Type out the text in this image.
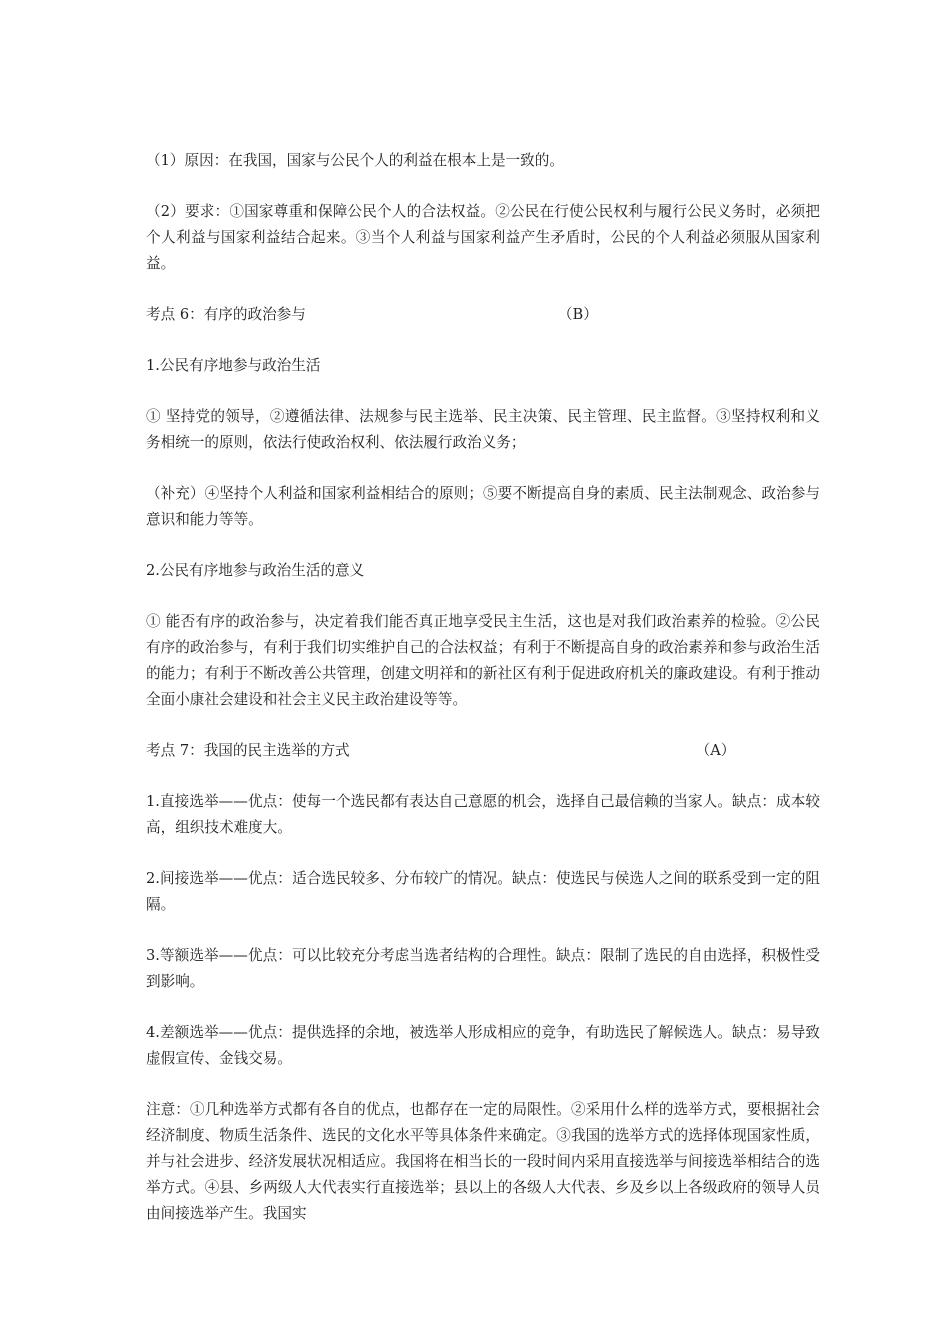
（1）原因：在我国，国家与公民个人的利益在根本上是一致的。

（2）要求：①国家尊重和保障公民个人的合法权益。②公民在行使公民权利与履行公民义务时，必须把个人利益与国家利益结合起来。③当个人利益与国家利益产生矛盾时，公民的个人利益必须服从国家利益。

考点 6：有序的政治参与	（B）

1.公民有序地参与政治生活

① 坚持党的领导，②遵循法律、法规参与民主选举、民主决策、民主管理、民主监督。③坚持权利和义务相统一的原则，依法行使政治权利、依法履行政治义务；

（补充）④坚持个人利益和国家利益相结合的原则；⑤要不断提高自身的素质、民主法制观念、政治参与意识和能力等等。

2.公民有序地参与政治生活的意义

① 能否有序的政治参与，决定着我们能否真正地享受民主生活，这也是对我们政治素养的检验。②公民有序的政治参与，有利于我们切实维护自己的合法权益；有利于不断提高自身的政治素养和参与政治生活的能力；有利于不断改善公共管理，创建文明祥和的新社区有利于促进政府机关的廉政建设。有利于推动全面小康社会建设和社会主义民主政治建设等等。

考点 7：我国的民主选举的方式	（A）

1.直接选举——优点：使每一个选民都有表达自己意愿的机会，选择自己最信赖的当家人。缺点：成本较高，组织技术难度大。

2.间接选举——优点：适合选民较多、分布较广的情况。缺点：使选民与侯选人之间的联系受到一定的阻隔。

3.等额选举——优点：可以比较充分考虑当选者结构的合理性。缺点：限制了选民的自由选择，积极性受到影响。

4.差额选举——优点：提供选择的余地，被选举人形成相应的竞争，有助选民了解候选人。缺点：易导致虚假宣传、金钱交易。

注意：①几种选举方式都有各自的优点，也都存在一定的局限性。②采用什么样的选举方式，要根据社会经济制度、物质生活条件、选民的文化水平等具体条件来确定。③我国的选举方式的选择体现国家性质，并与社会进步、经济发展状况相适应。我国将在相当长的一段时间内采用直接选举与间接选举相结合的选举方式。④县、乡两级人大代表实行直接选举；县以上的各级人大代表、乡及乡以上各级政府的领导人员由间接选举产生。我国实
